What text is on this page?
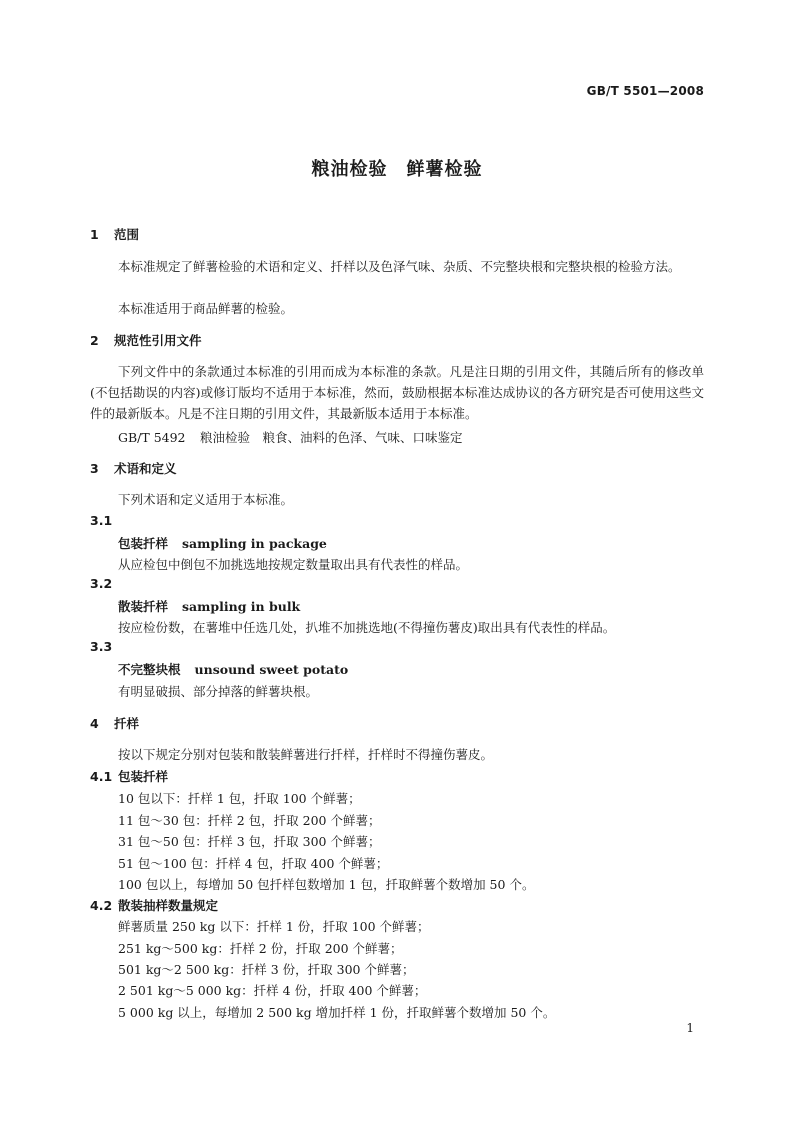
GB/T 5501—2008
粮油检验　鲜薯检验
1 范围
本标准规定了鲜薯检验的术语和定义、扦样以及色泽气味、杂质、不完整块根和完整块根的检验方法。
本标准适用于商品鲜薯的检验。
2 规范性引用文件
下列文件中的条款通过本标准的引用而成为本标准的条款。凡是注日期的引用文件，其随后所有的修改单(不包括勘误的内容)或修订版均不适用于本标准，然而，鼓励根据本标准达成协议的各方研究是否可使用这些文件的最新版本。凡是不注日期的引用文件，其最新版本适用于本标准。
GB/T 5492 粮油检验　粮食、油料的色泽、气味、口味鉴定
3 术语和定义
下列术语和定义适用于本标准。
3.1
包装扦样 sampling in package
从应检包中倒包不加挑选地按规定数量取出具有代表性的样品。
3.2
散装扦样 sampling in bulk
按应检份数，在薯堆中任选几处，扒堆不加挑选地(不得撞伤薯皮)取出具有代表性的样品。
3.3
不完整块根 unsound sweet potato
有明显破损、部分掉落的鲜薯块根。
4 扦样
按以下规定分别对包装和散装鲜薯进行扦样，扦样时不得撞伤薯皮。
4.1 包装扦样
10 包以下：扦样 1 包，扦取 100 个鲜薯；
11 包～30 包：扦样 2 包，扦取 200 个鲜薯；
31 包～50 包：扦样 3 包，扦取 300 个鲜薯；
51 包～100 包：扦样 4 包，扦取 400 个鲜薯；
100 包以上，每增加 50 包扦样包数增加 1 包，扦取鲜薯个数增加 50 个。
4.2 散装抽样数量规定
鲜薯质量 250 kg 以下：扦样 1 份，扦取 100 个鲜薯；
251 kg～500 kg：扦样 2 份，扦取 200 个鲜薯；
501 kg～2 500 kg：扦样 3 份，扦取 300 个鲜薯；
2 501 kg～5 000 kg：扦样 4 份，扦取 400 个鲜薯；
5 000 kg 以上，每增加 2 500 kg 增加扦样 1 份，扦取鲜薯个数增加 50 个。
1
